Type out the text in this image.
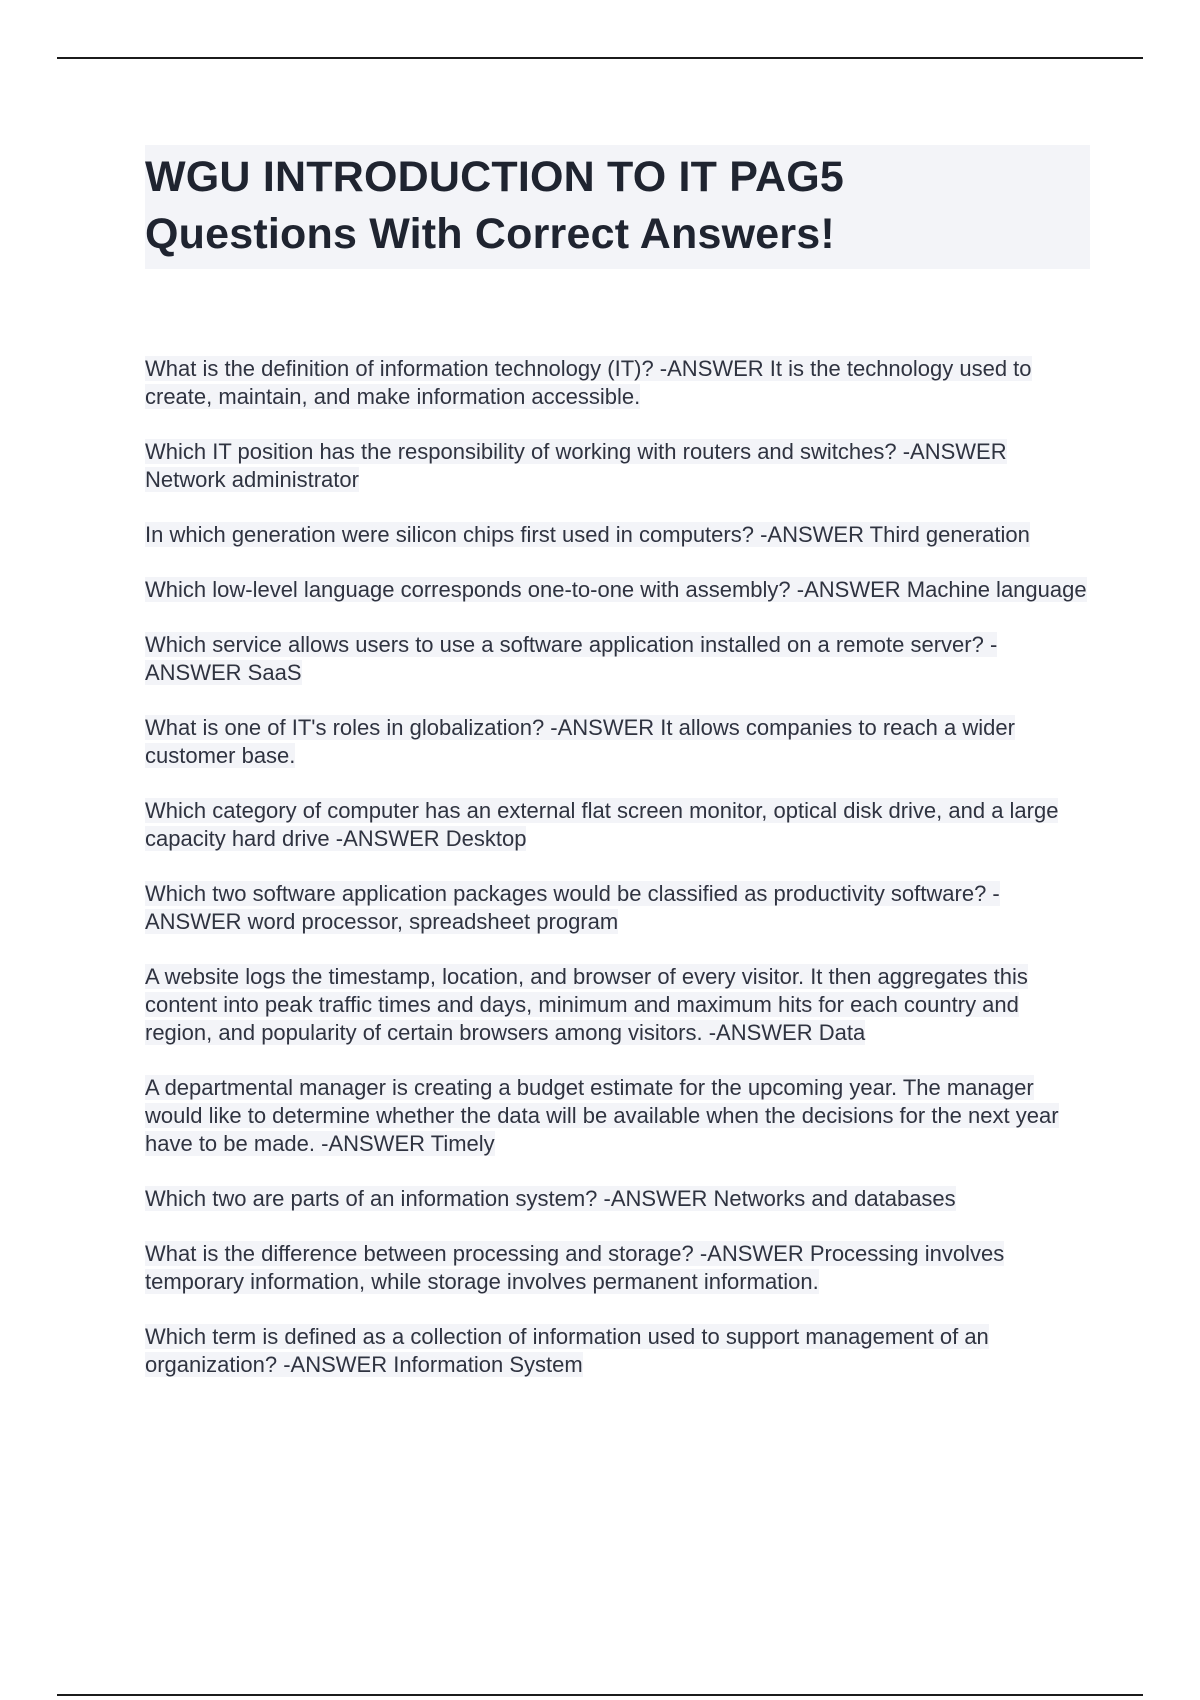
WGU INTRODUCTION TO IT PAG5
Questions With Correct Answers!

What is the definition of information technology (IT)? -ANSWER It is the technology used to create, maintain, and make information accessible.

Which IT position has the responsibility of working with routers and switches? -ANSWER Network administrator

In which generation were silicon chips first used in computers? -ANSWER Third generation

Which low-level language corresponds one-to-one with assembly? -ANSWER Machine language

Which service allows users to use a software application installed on a remote server? -ANSWER SaaS

What is one of IT's roles in globalization? -ANSWER It allows companies to reach a wider customer base.

Which category of computer has an external flat screen monitor, optical disk drive, and a large capacity hard drive -ANSWER Desktop

Which two software application packages would be classified as productivity software? -ANSWER word processor, spreadsheet program

A website logs the timestamp, location, and browser of every visitor. It then aggregates this content into peak traffic times and days, minimum and maximum hits for each country and region, and popularity of certain browsers among visitors. -ANSWER Data

A departmental manager is creating a budget estimate for the upcoming year. The manager would like to determine whether the data will be available when the decisions for the next year have to be made. -ANSWER Timely

Which two are parts of an information system? -ANSWER Networks and databases

What is the difference between processing and storage? -ANSWER Processing involves temporary information, while storage involves permanent information.

Which term is defined as a collection of information used to support management of an organization? -ANSWER Information System
